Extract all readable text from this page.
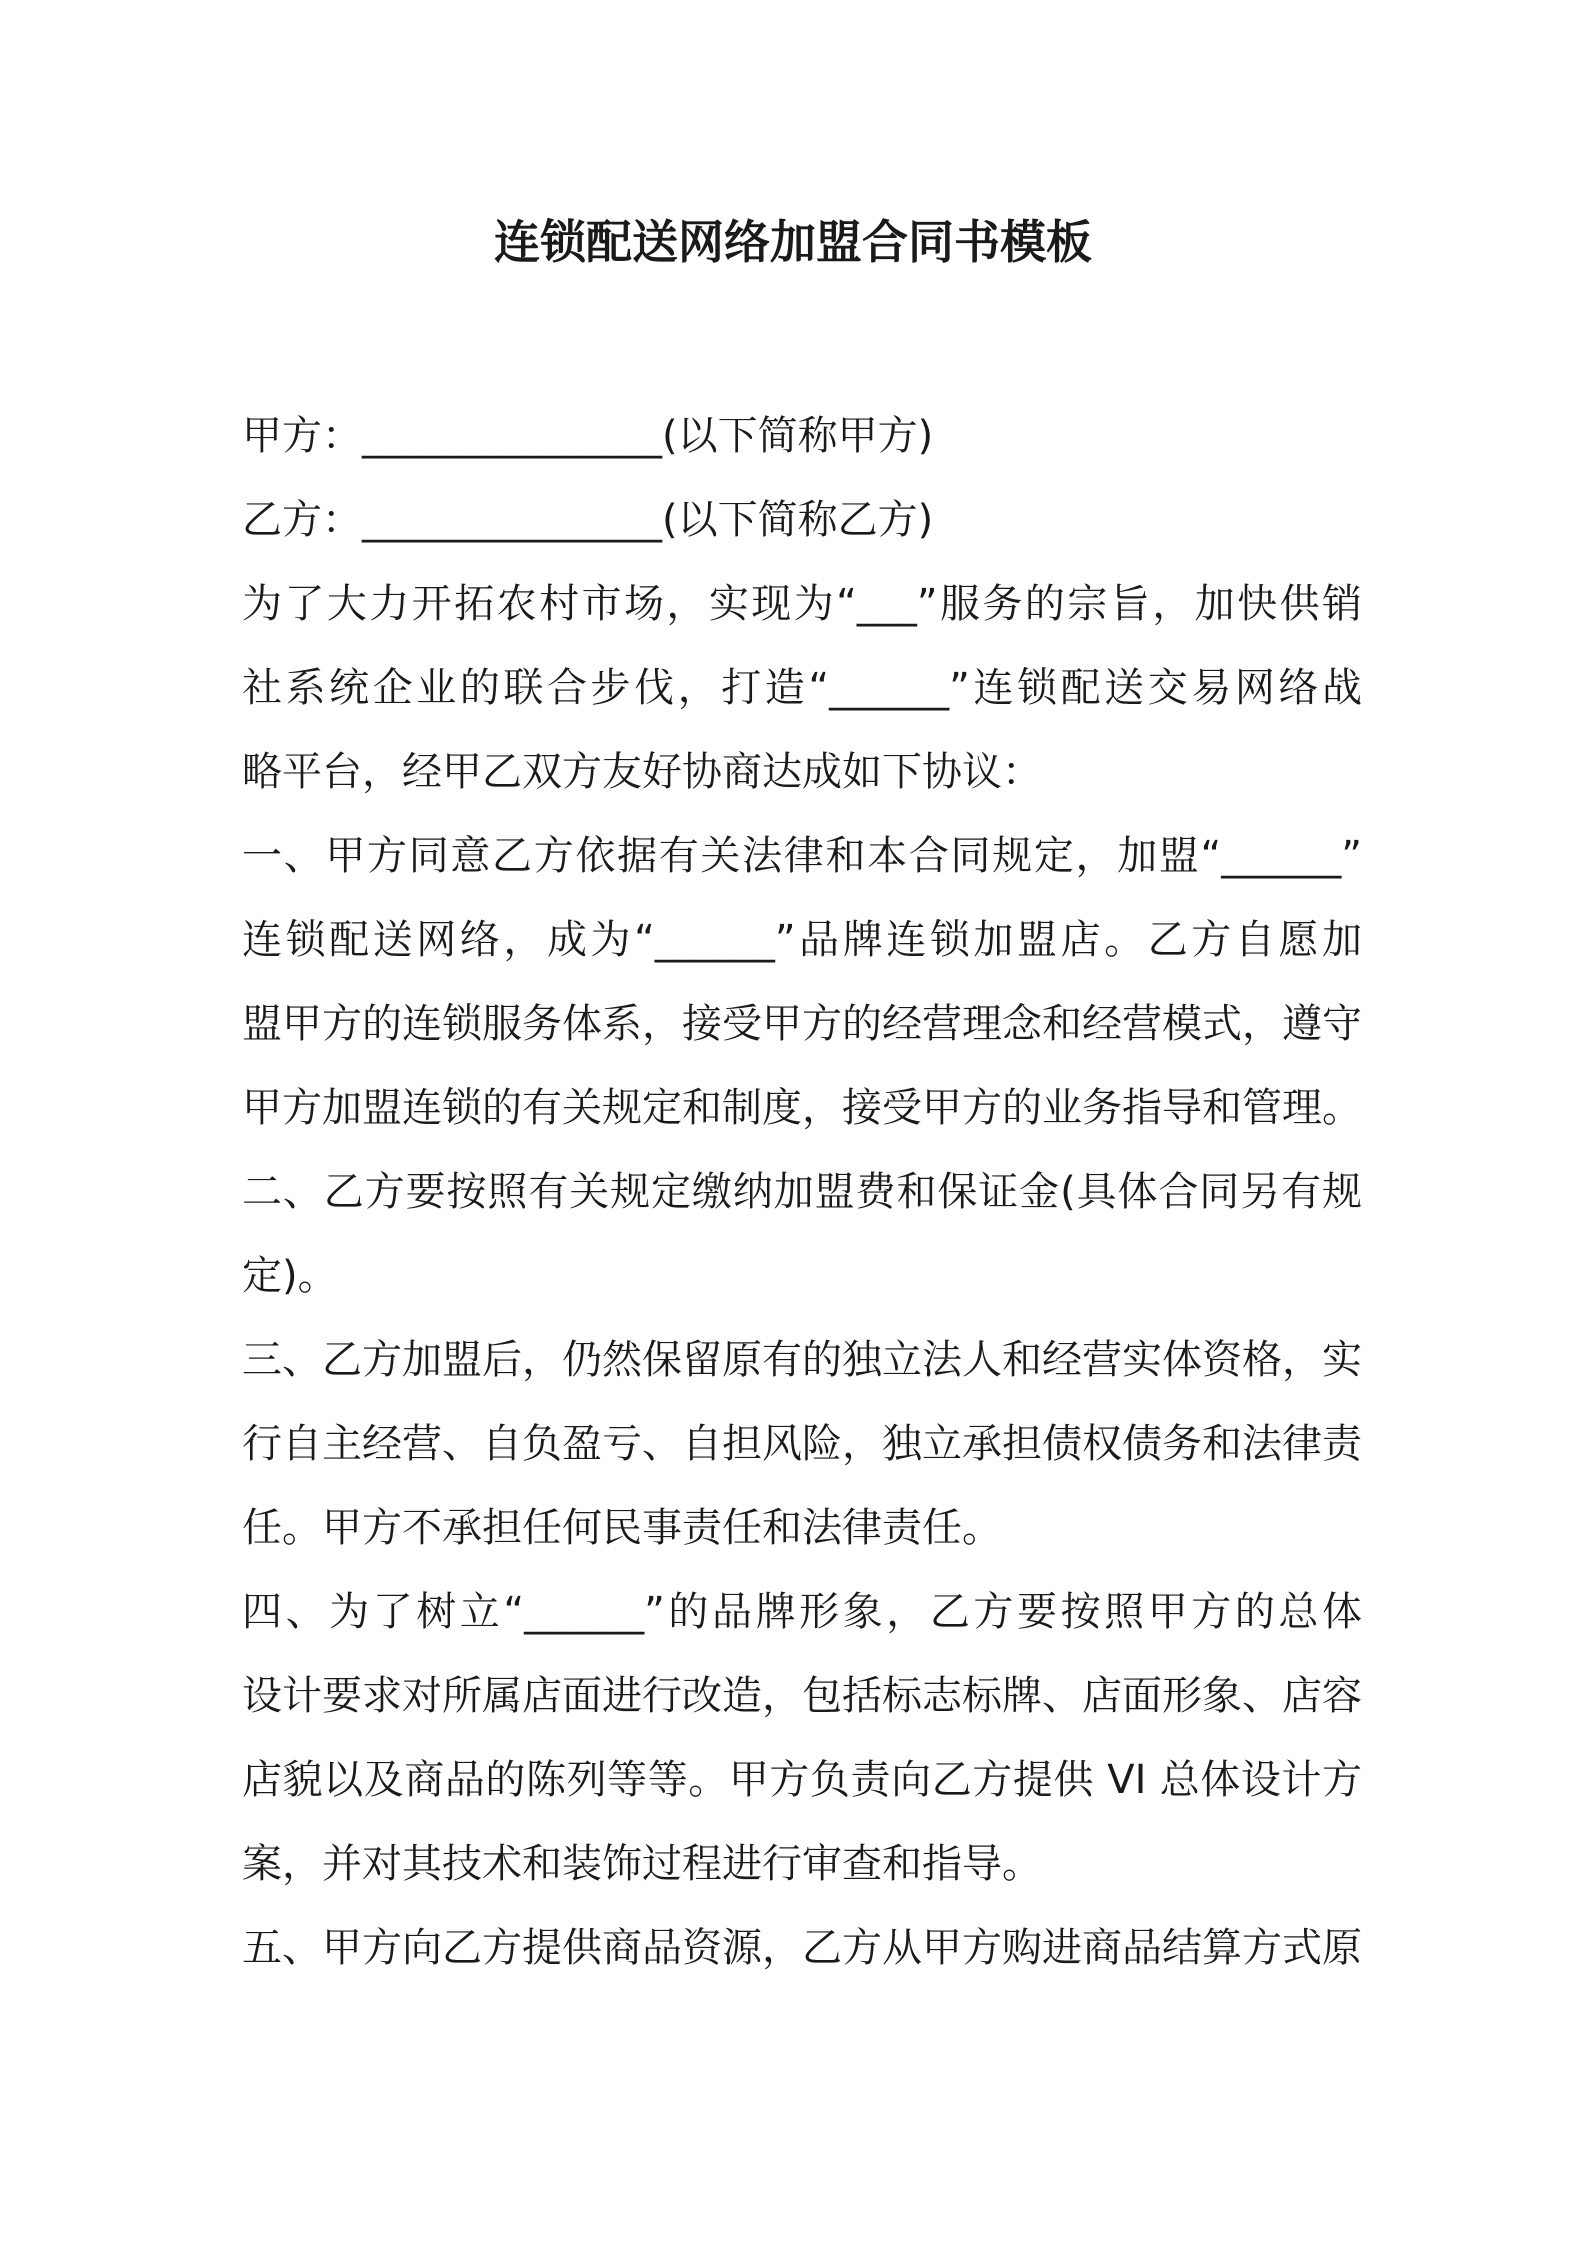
连锁配送网络加盟合同书模板
甲方：_______________(以下简称甲方)
乙方：_______________(以下简称乙方)
为了大力开拓农村市场，实现为“___”服务的宗旨，加快供销
社系统企业的联合步伐，打造“______”连锁配送交易网络战
略平台，经甲乙双方友好协商达成如下协议：
一、甲方同意乙方依据有关法律和本合同规定，加盟“______”
连锁配送网络，成为“______”品牌连锁加盟店。乙方自愿加
盟甲方的连锁服务体系，接受甲方的经营理念和经营模式，遵守
甲方加盟连锁的有关规定和制度，接受甲方的业务指导和管理。
二、乙方要按照有关规定缴纳加盟费和保证金(具体合同另有规
定)。
三、乙方加盟后，仍然保留原有的独立法人和经营实体资格，实
行自主经营、自负盈亏、自担风险，独立承担债权债务和法律责
任。甲方不承担任何民事责任和法律责任。
四、为了树立“______”的品牌形象，乙方要按照甲方的总体
设计要求对所属店面进行改造，包括标志标牌、店面形象、店容
店貌以及商品的陈列等等。甲方负责向乙方提供 VI 总体设计方
案，并对其技术和装饰过程进行审查和指导。
五、甲方向乙方提供商品资源，乙方从甲方购进商品结算方式原
